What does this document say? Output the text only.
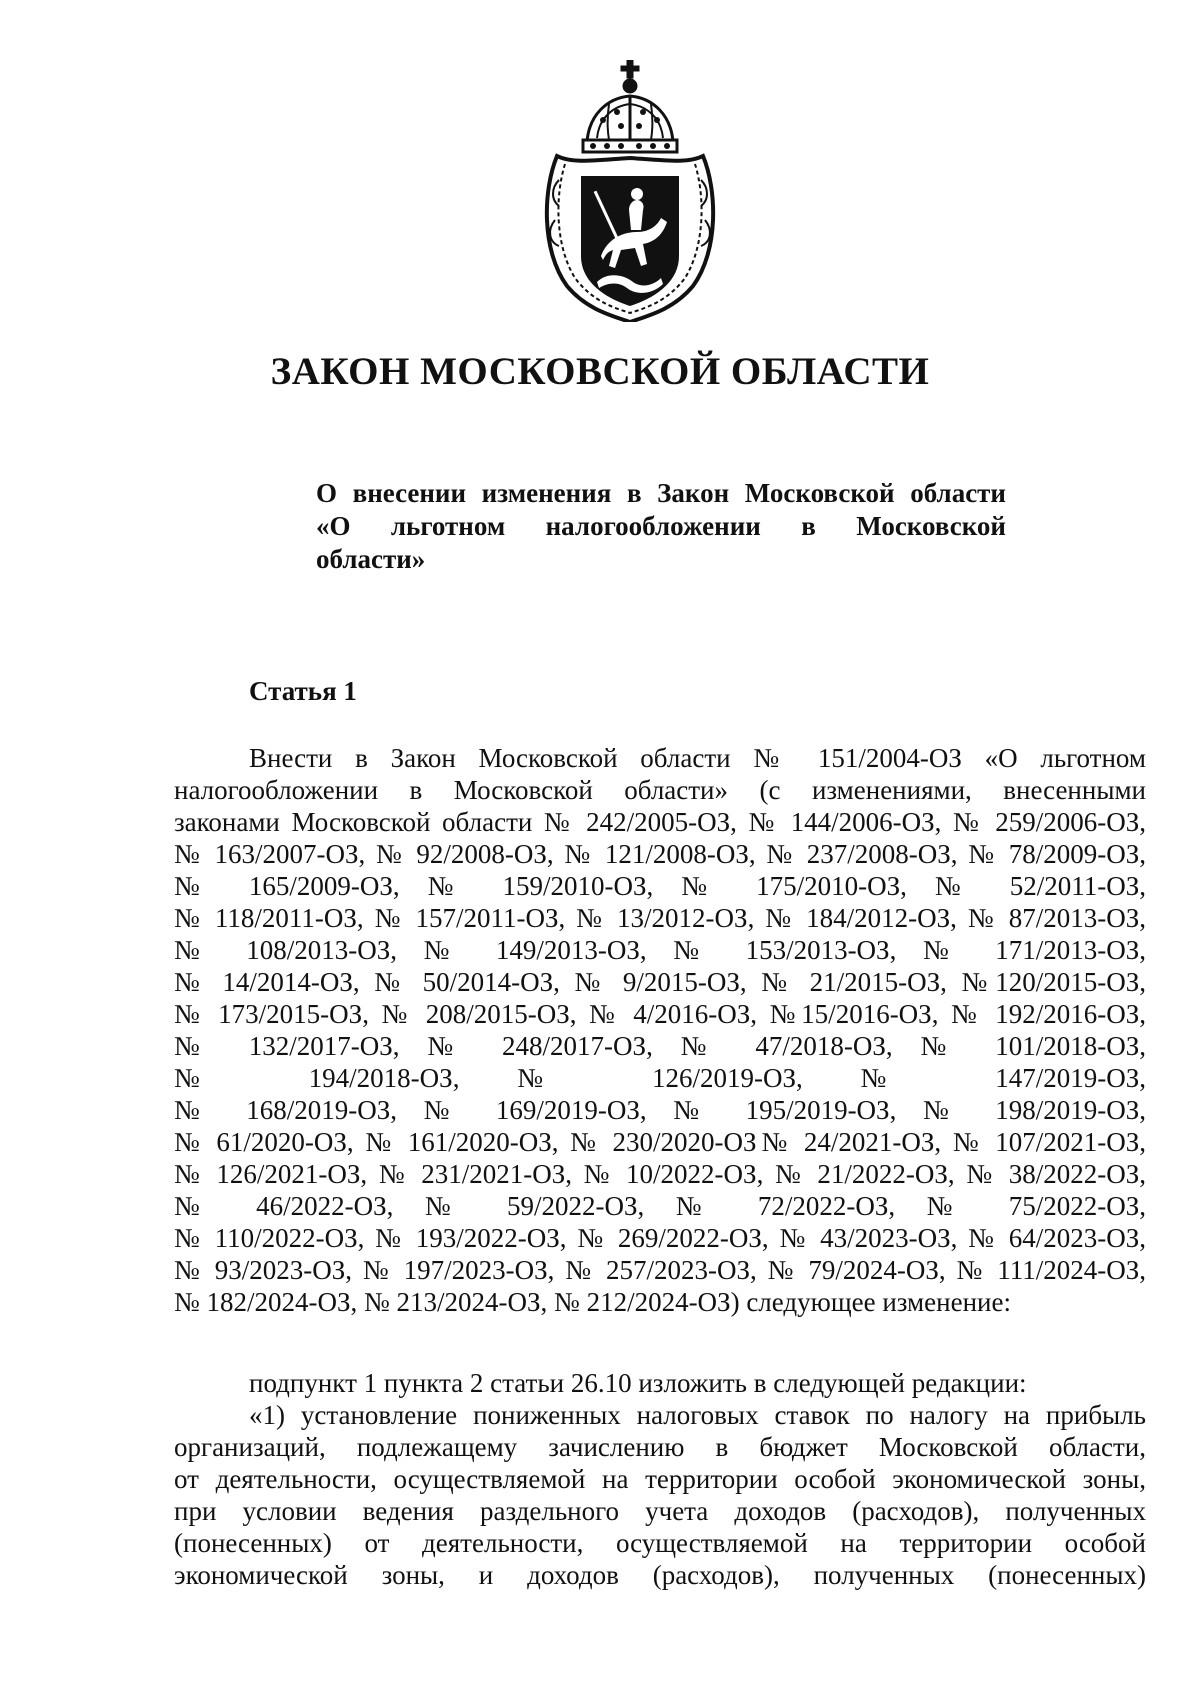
ЗАКОН МОСКОВСКОЙ ОБЛАСТИ
О внесении изменения в Закон Московской области
«О льготном налогообложении в Московской
области»
Статья 1
Внести в Закон Московской области № 151/2004-ОЗ «О льготном
налогообложении в Московской области» (с изменениями, внесенными
законами Московской области № 242/2005-ОЗ, № 144/2006-ОЗ, № 259/2006-ОЗ,
№ 163/2007-ОЗ, № 92/2008-ОЗ, № 121/2008-ОЗ, № 237/2008-ОЗ, № 78/2009-ОЗ,
№ 165/2009-ОЗ, № 159/2010-ОЗ, № 175/2010-ОЗ, № 52/2011-ОЗ,
№ 118/2011-ОЗ, № 157/2011-ОЗ, № 13/2012-ОЗ, № 184/2012-ОЗ, № 87/2013-ОЗ,
№ 108/2013-ОЗ, № 149/2013-ОЗ, № 153/2013-ОЗ, № 171/2013-ОЗ,
№ 14/2014-ОЗ, № 50/2014-ОЗ, № 9/2015-ОЗ, № 21/2015-ОЗ, №120/2015-ОЗ,
№ 173/2015-ОЗ, № 208/2015-ОЗ, № 4/2016-ОЗ, №15/2016-ОЗ, № 192/2016-ОЗ,
№ 132/2017-ОЗ, № 248/2017-ОЗ, № 47/2018-ОЗ, № 101/2018-ОЗ,
№ 194/2018-ОЗ, № 126/2019-ОЗ, № 147/2019-ОЗ,
№ 168/2019-ОЗ, № 169/2019-ОЗ, № 195/2019-ОЗ, № 198/2019-ОЗ,
№ 61/2020-ОЗ, № 161/2020-ОЗ, № 230/2020-ОЗ№ 24/2021-ОЗ, № 107/2021-ОЗ,
№ 126/2021-ОЗ, № 231/2021-ОЗ, № 10/2022-ОЗ, № 21/2022-ОЗ, № 38/2022-ОЗ,
№ 46/2022-ОЗ, № 59/2022-ОЗ, № 72/2022-ОЗ, № 75/2022-ОЗ,
№ 110/2022-ОЗ, № 193/2022-ОЗ, № 269/2022-ОЗ, № 43/2023-ОЗ, № 64/2023-ОЗ,
№ 93/2023-ОЗ, № 197/2023-ОЗ, № 257/2023-ОЗ, № 79/2024-ОЗ, № 111/2024-ОЗ,
№ 182/2024-ОЗ, № 213/2024-ОЗ, № 212/2024-ОЗ) следующее изменение:
подпункт 1 пункта 2 статьи 26.10 изложить в следующей редакции:
«1) установление пониженных налоговых ставок по налогу на прибыль
организаций, подлежащему зачислению в бюджет Московской области,
от деятельности, осуществляемой на территории особой экономической зоны,
при условии ведения раздельного учета доходов (расходов), полученных
(понесенных) от деятельности, осуществляемой на территории особой
экономической зоны, и доходов (расходов), полученных (понесенных)
